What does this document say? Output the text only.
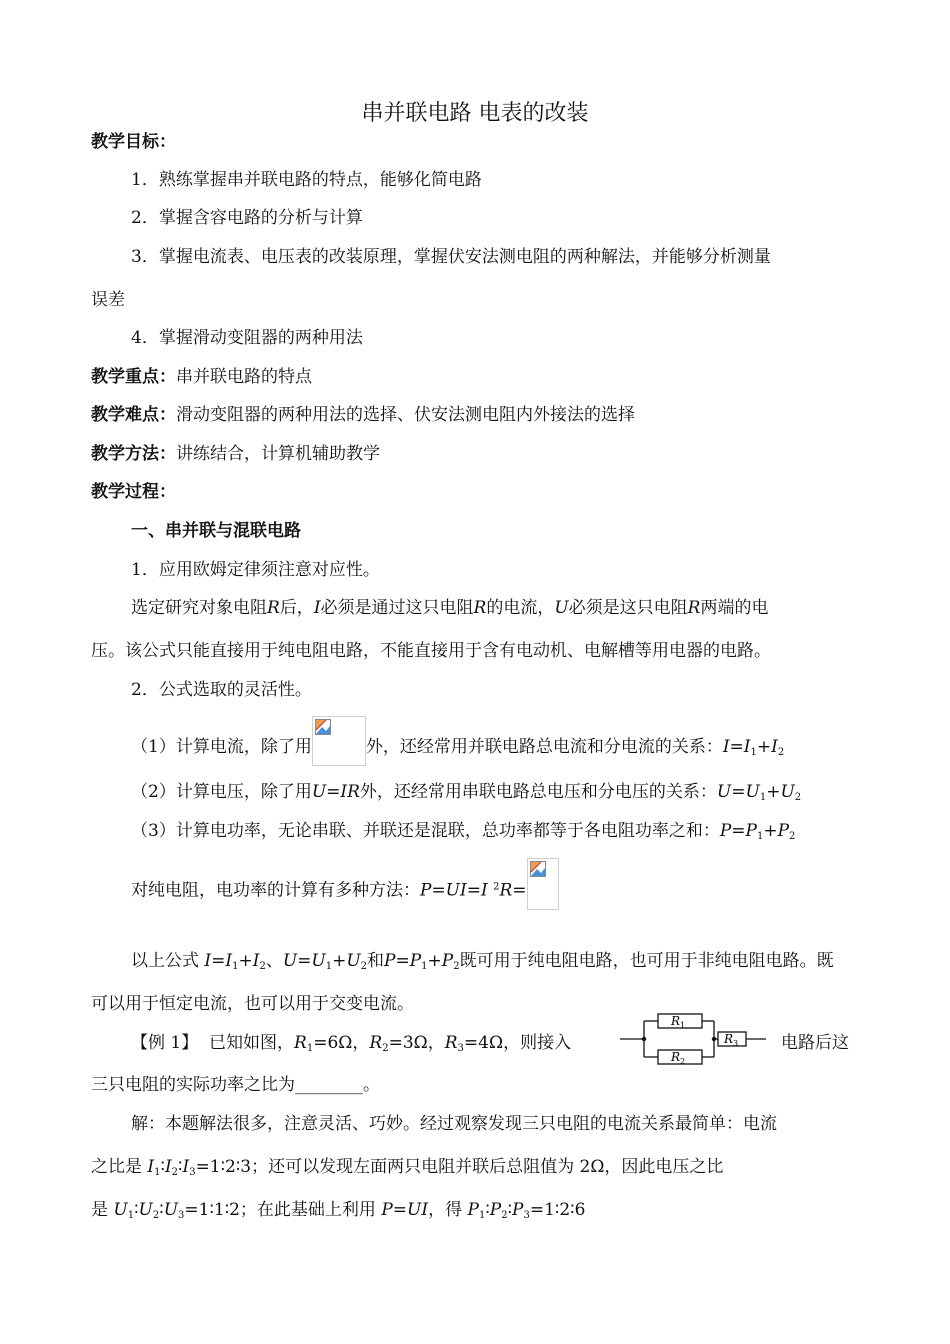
串并联电路 电表的改装
教学目标：
1．熟练掌握串并联电路的特点，能够化简电路
2．掌握含容电路的分析与计算
3．掌握电流表、电压表的改装原理，掌握伏安法测电阻的两种解法，并能够分析测量
误差
4．掌握滑动变阻器的两种用法
教学重点：串并联电路的特点
教学难点：滑动变阻器的两种用法的选择、伏安法测电阻内外接法的选择
教学方法：讲练结合，计算机辅助教学
教学过程：
一、串并联与混联电路
1．应用欧姆定律须注意对应性。
选定研究对象电阻R后，I必须是通过这只电阻R的电流，U必须是这只电阻R两端的电
压。该公式只能直接用于纯电阻电路，不能直接用于含有电动机、电解槽等用电器的电路。
2．公式选取的灵活性。
（1）计算电流，除了用	外，还经常用并联电路总电流和分电流的关系：$I=I_1+I_2$
（2）计算电压，除了用U=IR外，还经常用串联电路总电压和分电压的关系：$U=U_1+U_2$
（3）计算电功率，无论串联、并联还是混联，总功率都等于各电阻功率之和：$P=P_1+P_2$
对纯电阻，电功率的计算有多种方法：P=UI=I $^2$R=
以上公式 $I=I_1+I_2$、$U=U_1+U_2$和$P=P_1+P_2$既可用于纯电阻电路，也可用于非纯电阻电路。既
可以用于恒定电流，也可以用于交变电流。
【例 1】 已知如图，$R_1=6\Omega$，$R_2=3\Omega$，$R_3=4\Omega$，则接入	电路后这
R 1
R 2
R 3
三只电阻的实际功率之比为________。
解：本题解法很多，注意灵活、巧妙。经过观察发现三只电阻的电流关系最简单：电流
之比是 $I_1∶I_2∶I_3=1∶2∶3$；还可以发现左面两只电阻并联后总阻值为 2Ω，因此电压之比
是 $U_1∶U_2∶U_3=1∶1∶2$；在此基础上利用 P=UI，得 $P_1∶P_2∶P_3=1∶2∶6$
